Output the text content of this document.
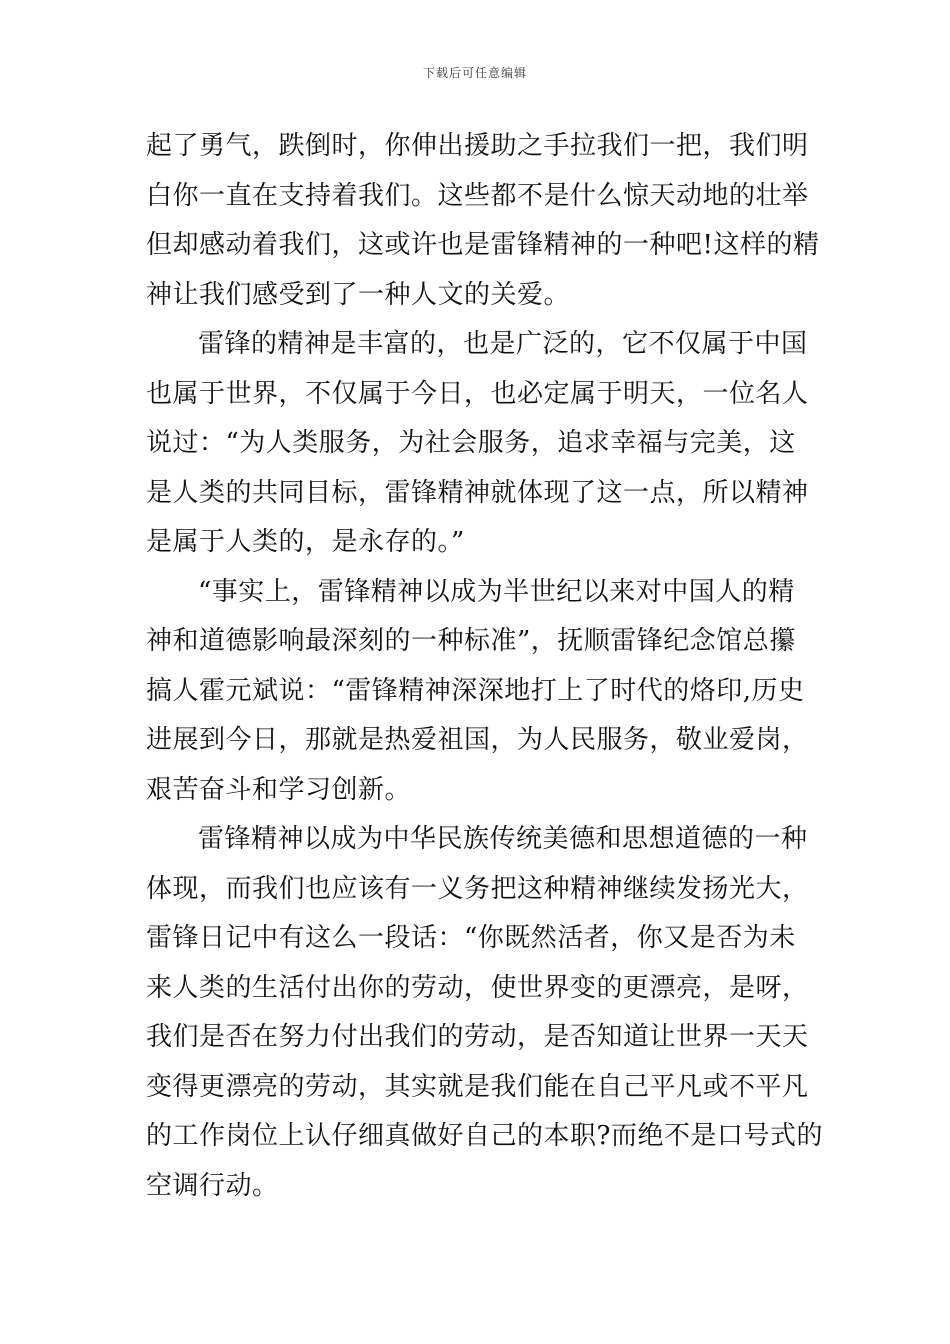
下载后可任意编辑
起了勇气，跌倒时，你伸出援助之手拉我们一把，我们明
白你一直在支持着我们。这些都不是什么惊天动地的壮举
但却感动着我们，这或许也是雷锋精神的一种吧!这样的精
神让我们感受到了一种人文的关爱。
雷锋的精神是丰富的，也是广泛的，它不仅属于中国
也属于世界，不仅属于今日，也必定属于明天，一位名人
说过：“为人类服务，为社会服务，追求幸福与完美，这
是人类的共同目标，雷锋精神就体现了这一点，所以精神
是属于人类的，是永存的。”
“事实上，雷锋精神以成为半世纪以来对中国人的精
神和道德影响最深刻的一种标准”，抚顺雷锋纪念馆总攥
搞人霍元斌说：“雷锋精神深深地打上了时代的烙印,历史
进展到今日，那就是热爱祖国，为人民服务，敬业爱岗，
艰苦奋斗和学习创新。
雷锋精神以成为中华民族传统美德和思想道德的一种
体现，而我们也应该有一义务把这种精神继续发扬光大，
雷锋日记中有这么一段话：“你既然活者，你又是否为未
来人类的生活付出你的劳动，使世界变的更漂亮，是呀，
我们是否在努力付出我们的劳动，是否知道让世界一天天
变得更漂亮的劳动，其实就是我们能在自己平凡或不平凡
的工作岗位上认仔细真做好自己的本职?而绝不是口号式的
空调行动。
